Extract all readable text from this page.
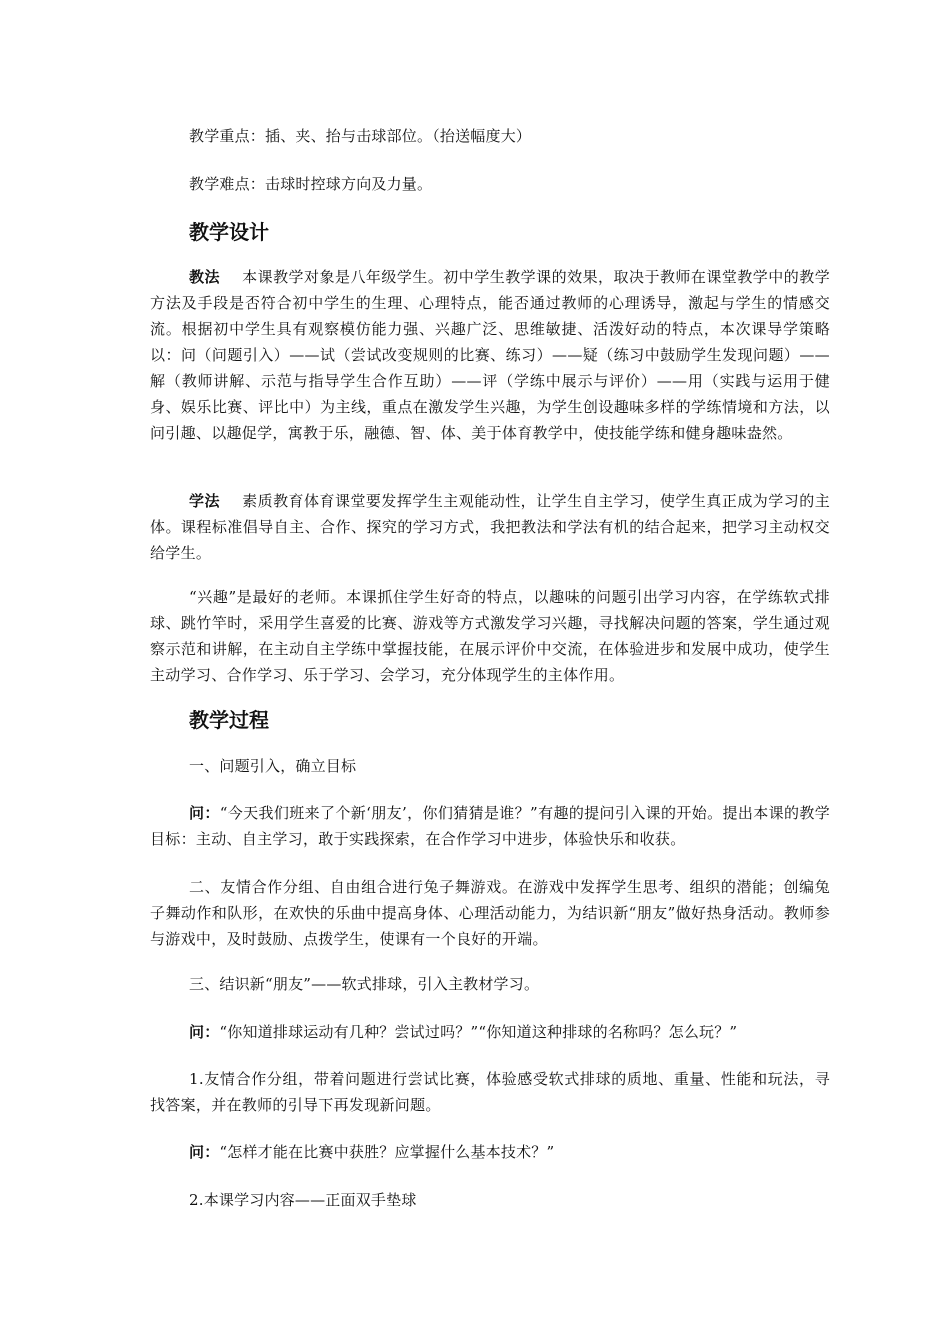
教学重点：插、夹、抬与击球部位。（抬送幅度大）
教学难点：击球时控球方向及力量。
教学设计
教法 本课教学对象是八年级学生。初中学生教学课的效果，取决于教师在课堂教学中的教学方法及手段是否符合初中学生的生理、心理特点，能否通过教师的心理诱导，激起与学生的情感交流。根据初中学生具有观察模仿能力强、兴趣广泛、思维敏捷、活泼好动的特点，本次课导学策略以：问（问题引入）——试（尝试改变规则的比赛、练习）——疑（练习中鼓励学生发现问题）——解（教师讲解、示范与指导学生合作互助）——评（学练中展示与评价）——用（实践与运用于健身、娱乐比赛、评比中）为主线，重点在激发学生兴趣，为学生创设趣味多样的学练情境和方法，以问引趣、以趣促学，寓教于乐，融德、智、体、美于体育教学中，使技能学练和健身趣味盎然。
学法 素质教育体育课堂要发挥学生主观能动性，让学生自主学习，使学生真正成为学习的主体。课程标准倡导自主、合作、探究的学习方式，我把教法和学法有机的结合起来，把学习主动权交给学生。
“兴趣”是最好的老师。本课抓住学生好奇的特点，以趣味的问题引出学习内容，在学练软式排球、跳竹竿时，采用学生喜爱的比赛、游戏等方式激发学习兴趣，寻找解决问题的答案，学生通过观察示范和讲解，在主动自主学练中掌握技能，在展示评价中交流，在体验进步和发展中成功，使学生主动学习、合作学习、乐于学习、会学习，充分体现学生的主体作用。
教学过程
一、问题引入，确立目标
问：“今天我们班来了个新‘朋友’，你们猜猜是谁？”有趣的提问引入课的开始。提出本课的教学目标：主动、自主学习，敢于实践探索，在合作学习中进步，体验快乐和收获。
二、友情合作分组、自由组合进行兔子舞游戏。在游戏中发挥学生思考、组织的潜能；创编兔子舞动作和队形，在欢快的乐曲中提高身体、心理活动能力，为结识新“朋友”做好热身活动。教师参与游戏中，及时鼓励、点拨学生，使课有一个良好的开端。
三、结识新“朋友”——软式排球，引入主教材学习。
问：“你知道排球运动有几种？尝试过吗？”“你知道这种排球的名称吗？怎么玩？”
1.友情合作分组，带着问题进行尝试比赛，体验感受软式排球的质地、重量、性能和玩法，寻找答案，并在教师的引导下再发现新问题。
问：“怎样才能在比赛中获胜？应掌握什么基本技术？”
2.本课学习内容——正面双手垫球
